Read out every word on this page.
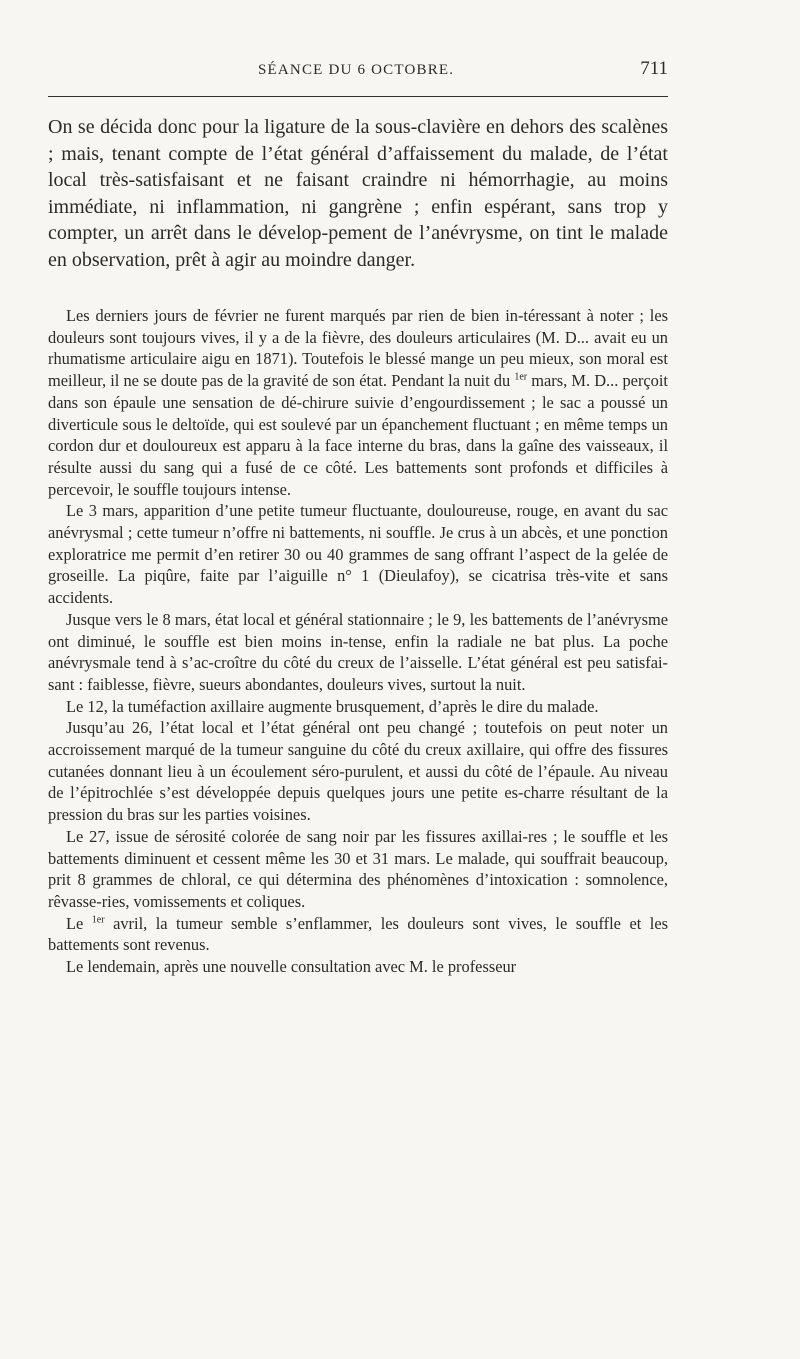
SÉANCE DU 6 OCTOBRE.	711

On se décida donc pour la ligature de la sous-clavière en dehors des scalènes ; mais, tenant compte de l’état général d’affaissement du malade, de l’état local très-satisfaisant et ne faisant craindre ni hémorrhagie, au moins immédiate, ni inflammation, ni gangrène ; enfin espérant, sans trop y compter, un arrêt dans le dévelop-pement de l’anévrysme, on tint le malade en observation, prêt à agir au moindre danger.

Les derniers jours de février ne furent marqués par rien de bien in-téressant à noter ; les douleurs sont toujours vives, il y a de la fièvre, des douleurs articulaires (M. D... avait eu un rhumatisme articulaire aigu en 1871). Toutefois le blessé mange un peu mieux, son moral est meilleur, il ne se doute pas de la gravité de son état. Pendant la nuit du $^{1er}$ mars, M. D... perçoit dans son épaule une sensation de dé-chirure suivie d’engourdissement ; le sac a poussé un diverticule sous le deltoïde, qui est soulevé par un épanchement fluctuant ; en même temps un cordon dur et douloureux est apparu à la face interne du bras, dans la gaîne des vaisseaux, il résulte aussi du sang qui a fusé de ce côté. Les battements sont profonds et difficiles à percevoir, le souffle toujours intense.

Le 3 mars, apparition d’une petite tumeur fluctuante, douloureuse, rouge, en avant du sac anévrysmal ; cette tumeur n’offre ni battements, ni souffle. Je crus à un abcès, et une ponction exploratrice me permit d’en retirer 30 ou 40 grammes de sang offrant l’aspect de la gelée de groseille. La piqûre, faite par l’aiguille n° 1 (Dieulafoy), se cicatrisa très-vite et sans accidents.

Jusque vers le 8 mars, état local et général stationnaire ; le 9, les battements de l’anévrysme ont diminué, le souffle est bien moins in-tense, enfin la radiale ne bat plus. La poche anévrysmale tend à s’ac-croître du côté du creux de l’aisselle. L’état général est peu satisfai-sant : faiblesse, fièvre, sueurs abondantes, douleurs vives, surtout la nuit.

Le 12, la tuméfaction axillaire augmente brusquement, d’après le dire du malade.

Jusqu’au 26, l’état local et l’état général ont peu changé ; toutefois on peut noter un accroissement marqué de la tumeur sanguine du côté du creux axillaire, qui offre des fissures cutanées donnant lieu à un écoulement séro-purulent, et aussi du côté de l’épaule. Au niveau de l’épitrochlée s’est développée depuis quelques jours une petite es-charre résultant de la pression du bras sur les parties voisines.

Le 27, issue de sérosité colorée de sang noir par les fissures axillai-res ; le souffle et les battements diminuent et cessent même les 30 et 31 mars. Le malade, qui souffrait beaucoup, prit 8 grammes de chloral, ce qui détermina des phénomènes d’intoxication : somnolence, rêvasse-ries, vomissements et coliques.

Le $^{1er}$ avril, la tumeur semble s’enflammer, les douleurs sont vives, le souffle et les battements sont revenus.

Le lendemain, après une nouvelle consultation avec M. le professeur
